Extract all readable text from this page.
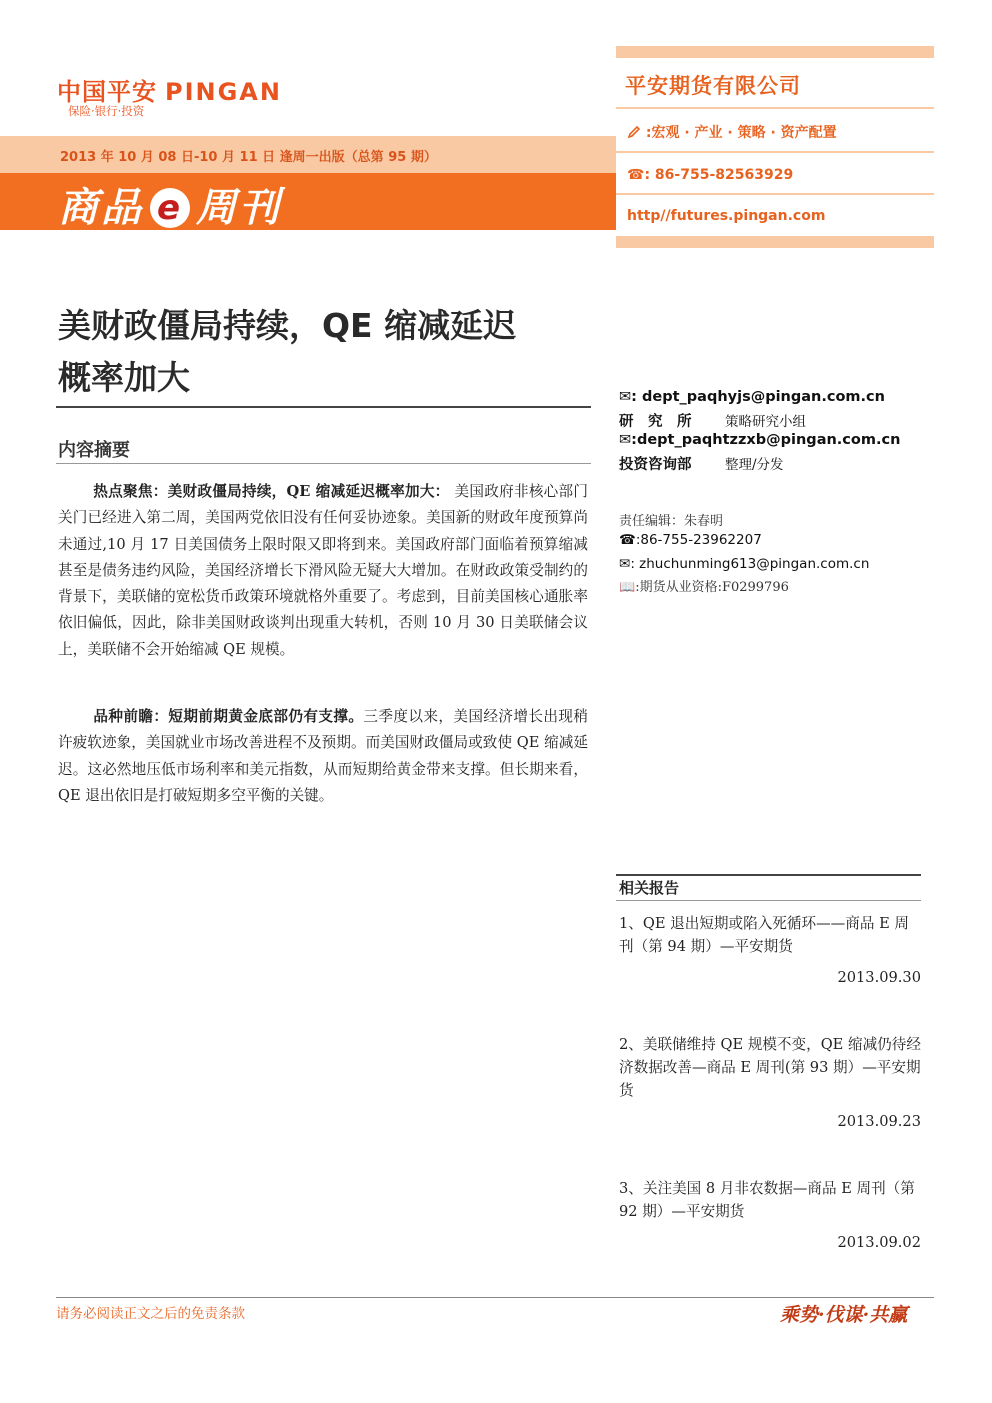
中国平安 PINGAN
保险·银行·投资
2013 年 10 月 08 日-10 月 11 日 逢周一出版（总第 95 期）
商品 e 周刊
平安期货有限公司
:宏观 · 产业 · 策略 · 资产配置
☎: 86-755-82563929
http//futures.pingan.com
美财政僵局持续，QE 缩减延迟
概率加大
内容摘要
热点聚焦：美财政僵局持续，QE 缩减延迟概率加大： 美国政府非核心部门关门已经进入第二周，美国两党依旧没有任何妥协迹象。美国新的财政年度预算尚未通过,10 月 17 日美国债务上限时限又即将到来。美国政府部门面临着预算缩减甚至是债务违约风险，美国经济增长下滑风险无疑大大增加。在财政政策受制约的背景下，美联储的宽松货币政策环境就格外重要了。考虑到，目前美国核心通胀率依旧偏低，因此，除非美国财政谈判出现重大转机，否则 10 月 30 日美联储会议上，美联储不会开始缩减 QE 规模。
品种前瞻：短期前期黄金底部仍有支撑。三季度以来，美国经济增长出现稍许疲软迹象，美国就业市场改善进程不及预期。而美国财政僵局或致使 QE 缩减延迟。这必然地压低市场利率和美元指数，从而短期给黄金带来支撑。但长期来看，QE 退出依旧是打破短期多空平衡的关键。
✉: dept_paqhyjs@pingan.com.cn
研　究　所 策略研究小组
✉:dept_paqhtzzxb@pingan.com.cn
投资咨询部 整理/分发
责任编辑：朱春明
☎:86-755-23962207
✉: zhuchunming613@pingan.com.cn
📖:期货从业资格:F0299796
相关报告
1、QE 退出短期或陷入死循环——商品 E 周刊（第 94 期）—平安期货
2013.09.30
2、美联储维持 QE 规模不变，QE 缩减仍待经济数据改善—商品 E 周刊(第 93 期）—平安期货
2013.09.23
3、关注美国 8 月非农数据—商品 E 周刊（第 92 期）—平安期货
2013.09.02
请务必阅读正文之后的免责条款	乘势·伐谋·共赢
